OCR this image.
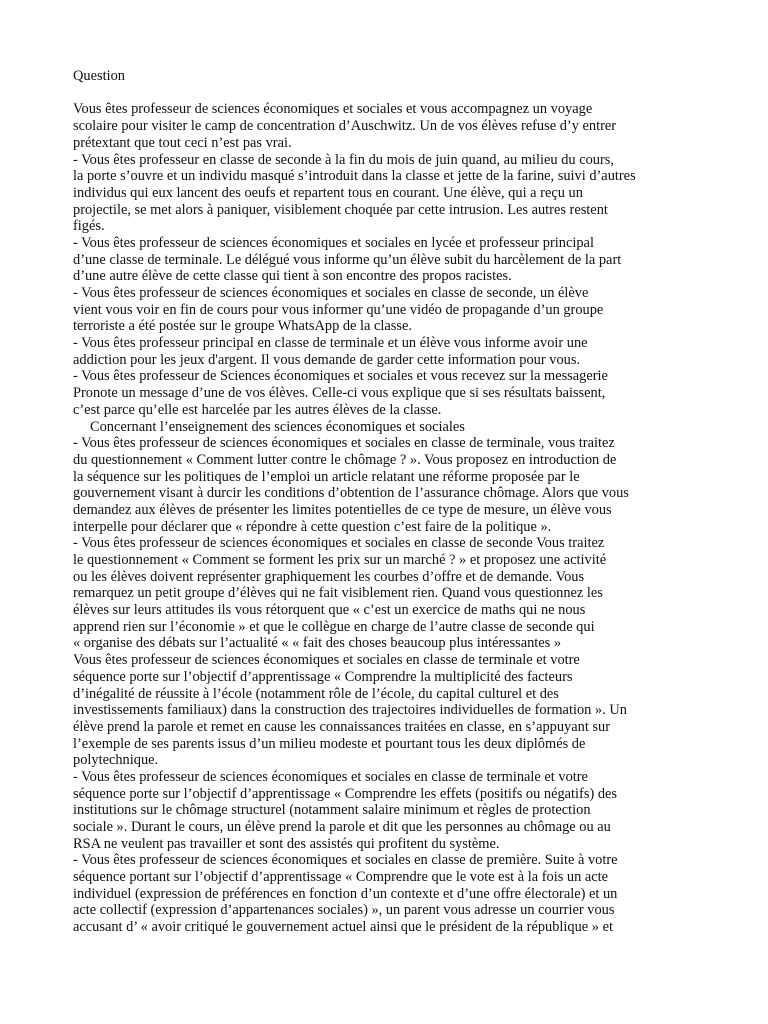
Question
Vous êtes professeur de sciences économiques et sociales et vous accompagnez un voyage
scolaire pour visiter le camp de concentration d’Auschwitz. Un de vos élèves refuse d’y entrer
prétextant que tout ceci n’est pas vrai.
- Vous êtes professeur en classe de seconde à la fin du mois de juin quand, au milieu du cours,
la porte s’ouvre et un individu masqué s’introduit dans la classe et jette de la farine, suivi d’autres
individus qui eux lancent des oeufs et repartent tous en courant. Une élève, qui a reçu un
projectile, se met alors à paniquer, visiblement choquée par cette intrusion. Les autres restent
figés.
- Vous êtes professeur de sciences économiques et sociales en lycée et professeur principal
d’une classe de terminale. Le délégué vous informe qu’un élève subit du harcèlement de la part
d’une autre élève de cette classe qui tient à son encontre des propos racistes.
- Vous êtes professeur de sciences économiques et sociales en classe de seconde, un élève
vient vous voir en fin de cours pour vous informer qu’une vidéo de propagande d’un groupe
terroriste a été postée sur le groupe WhatsApp de la classe.
- Vous êtes professeur principal en classe de terminale et un élève vous informe avoir une
addiction pour les jeux d'argent. Il vous demande de garder cette information pour vous.
- Vous êtes professeur de Sciences économiques et sociales et vous recevez sur la messagerie
Pronote un message d’une de vos élèves. Celle-ci vous explique que si ses résultats baissent,
c’est parce qu’elle est harcelée par les autres élèves de la classe.
Concernant l’enseignement des sciences économiques et sociales
- Vous êtes professeur de sciences économiques et sociales en classe de terminale, vous traitez
du questionnement « Comment lutter contre le chômage ? ». Vous proposez en introduction de
la séquence sur les politiques de l’emploi un article relatant une réforme proposée par le
gouvernement visant à durcir les conditions d’obtention de l’assurance chômage. Alors que vous
demandez aux élèves de présenter les limites potentielles de ce type de mesure, un élève vous
interpelle pour déclarer que « répondre à cette question c’est faire de la politique ».
- Vous êtes professeur de sciences économiques et sociales en classe de seconde Vous traitez
le questionnement « Comment se forment les prix sur un marché ? » et proposez une activité
ou les élèves doivent représenter graphiquement les courbes d’offre et de demande. Vous
remarquez un petit groupe d’élèves qui ne fait visiblement rien. Quand vous questionnez les
élèves sur leurs attitudes ils vous rétorquent que « c’est un exercice de maths qui ne nous
apprend rien sur l’économie » et que le collègue en charge de l’autre classe de seconde qui
« organise des débats sur l’actualité « « fait des choses beaucoup plus intéressantes »
Vous êtes professeur de sciences économiques et sociales en classe de terminale et votre
séquence porte sur l’objectif d’apprentissage « Comprendre la multiplicité des facteurs
d’inégalité de réussite à l’école (notamment rôle de l’école, du capital culturel et des
investissements familiaux) dans la construction des trajectoires individuelles de formation ». Un
élève prend la parole et remet en cause les connaissances traitées en classe, en s’appuyant sur
l’exemple de ses parents issus d’un milieu modeste et pourtant tous les deux diplômés de
polytechnique.
- Vous êtes professeur de sciences économiques et sociales en classe de terminale et votre
séquence porte sur l’objectif d’apprentissage « Comprendre les effets (positifs ou négatifs) des
institutions sur le chômage structurel (notamment salaire minimum et règles de protection
sociale ». Durant le cours, un élève prend la parole et dit que les personnes au chômage ou au
RSA ne veulent pas travailler et sont des assistés qui profitent du système.
- Vous êtes professeur de sciences économiques et sociales en classe de première. Suite à votre
séquence portant sur l’objectif d’apprentissage « Comprendre que le vote est à la fois un acte
individuel (expression de préférences en fonction d’un contexte et d’une offre électorale) et un
acte collectif (expression d’appartenances sociales) », un parent vous adresse un courrier vous
accusant d’ « avoir critiqué le gouvernement actuel ainsi que le président de la république » et
